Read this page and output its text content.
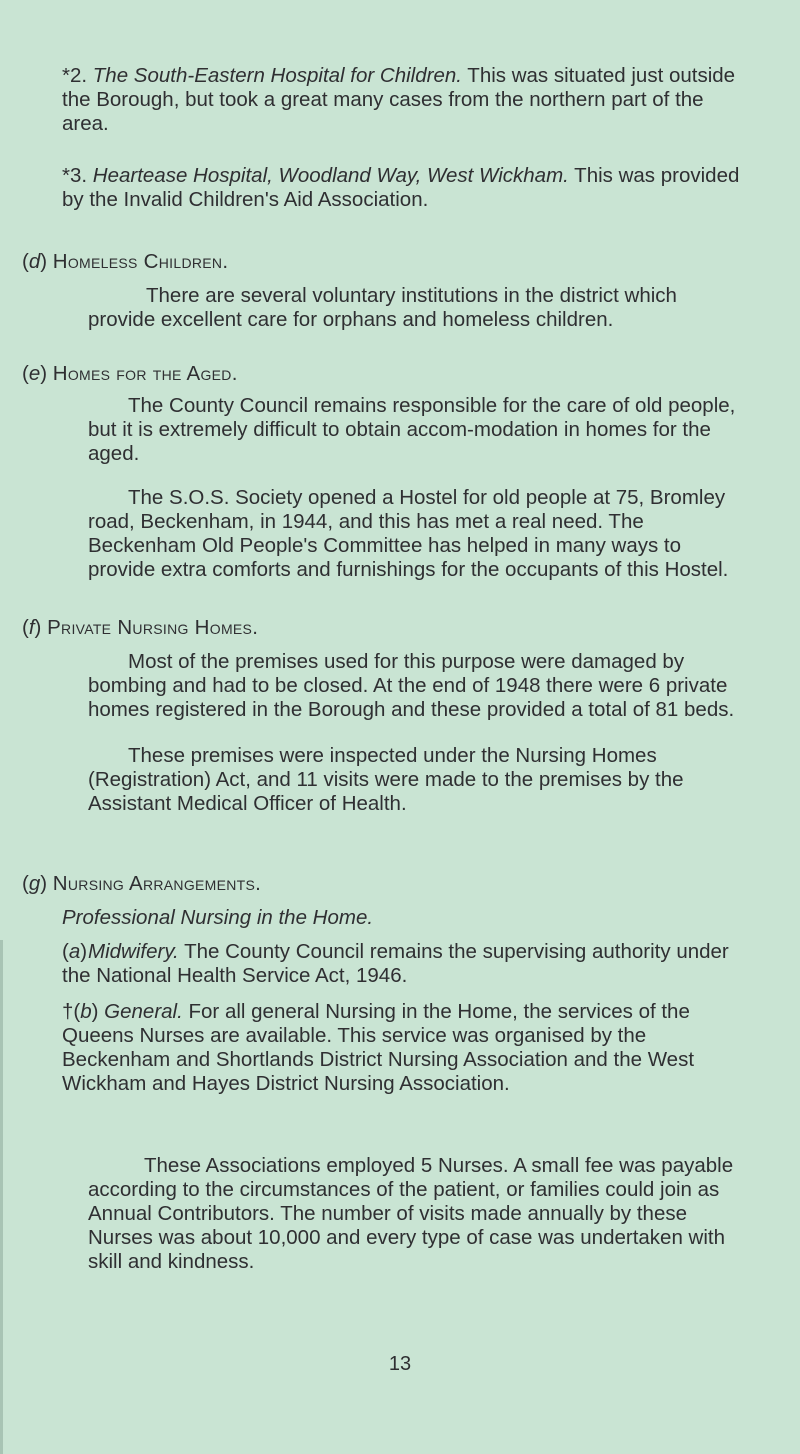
*2. The South-Eastern Hospital for Children. This was situated just outside the Borough, but took a great many cases from the northern part of the area.

*3. Heartease Hospital, Woodland Way, West Wickham. This was provided by the Invalid Children's Aid Association.

(d) Homeless Children.

There are several voluntary institutions in the district which provide excellent care for orphans and homeless children.

(e) Homes for the Aged.

The County Council remains responsible for the care of old people, but it is extremely difficult to obtain accom-modation in homes for the aged.

The S.O.S. Society opened a Hostel for old people at 75, Bromley road, Beckenham, in 1944, and this has met a real need. The Beckenham Old People's Committee has helped in many ways to provide extra comforts and furnishings for the occupants of this Hostel.

(f) Private Nursing Homes.

Most of the premises used for this purpose were damaged by bombing and had to be closed. At the end of 1948 there were 6 private homes registered in the Borough and these provided a total of 81 beds.

These premises were inspected under the Nursing Homes (Registration) Act, and 11 visits were made to the premises by the Assistant Medical Officer of Health.

(g) Nursing Arrangements.

Professional Nursing in the Home.

(a)Midwifery. The County Council remains the supervising authority under the National Health Service Act, 1946.

†(b) General. For all general Nursing in the Home, the services of the Queens Nurses are available. This service was organised by the Beckenham and Shortlands District Nursing Association and the West Wickham and Hayes District Nursing Association.

These Associations employed 5 Nurses. A small fee was payable according to the circumstances of the patient, or families could join as Annual Contributors. The number of visits made annually by these Nurses was about 10,000 and every type of case was undertaken with skill and kindness.

13
